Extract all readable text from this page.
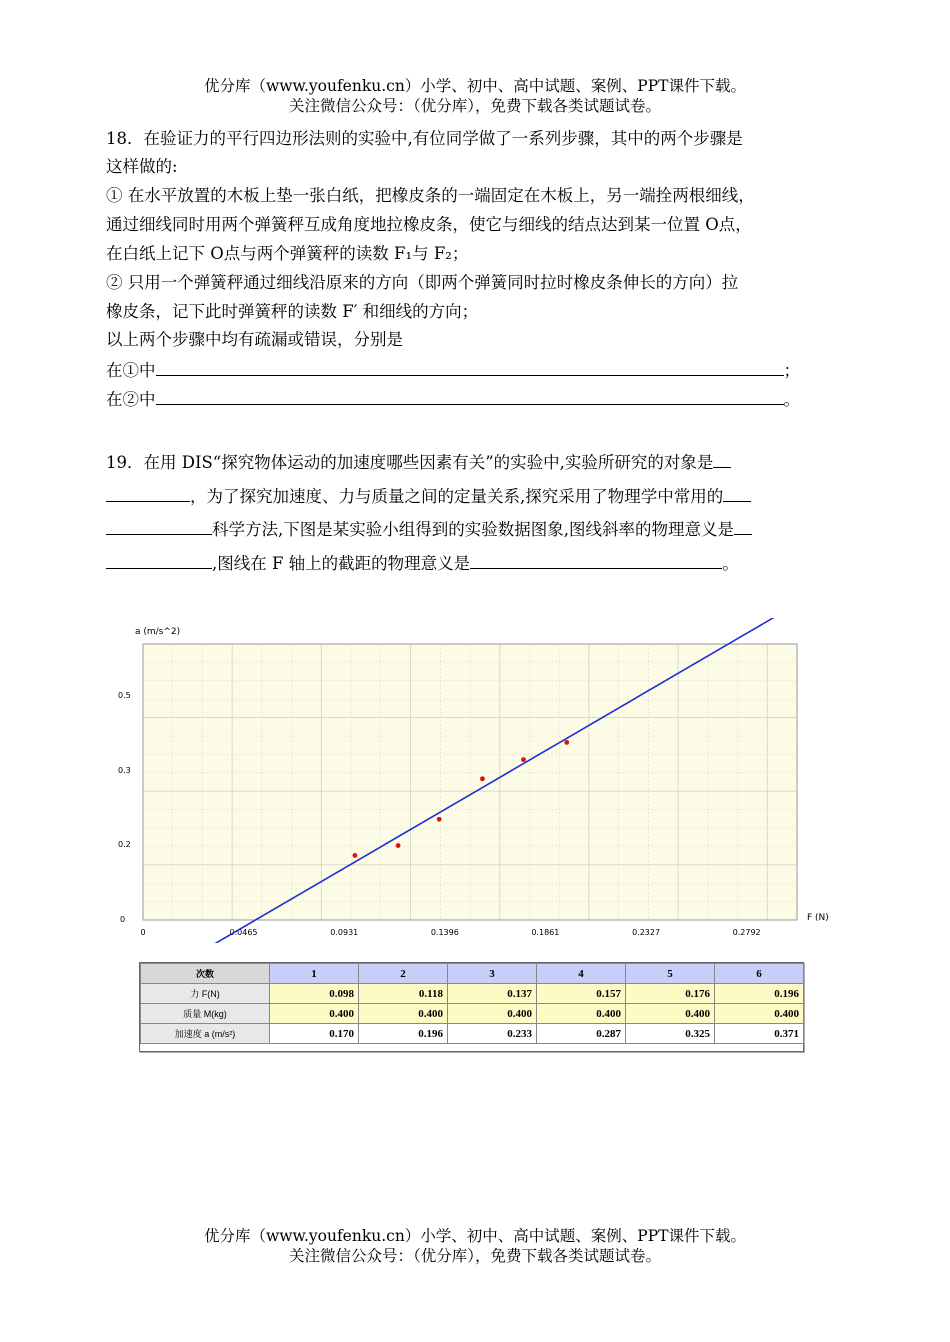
优分库（www.youfenku.cn）小学、初中、高中试题、案例、PPT课件下载。
关注微信公众号：（优分库），免费下载各类试题试卷。
18．在验证力的平行四边形法则的实验中,有位同学做了一系列步骤，其中的两个步骤是
这样做的:
① 在水平放置的木板上垫一张白纸，把橡皮条的一端固定在木板上，另一端拴两根细线，
通过细线同时用两个弹簧秤互成角度地拉橡皮条，使它与细线的结点达到某一位置 O点，
在白纸上记下 O点与两个弹簧秤的读数 F₁与 F₂；
② 只用一个弹簧秤通过细线沿原来的方向（即两个弹簧同时拉时橡皮条伸长的方向）拉
橡皮条，记下此时弹簧秤的读数 F′ 和细线的方向；
以上两个步骤中均有疏漏或错误，分别是
在①中	；
在②中	。
19．在用 DIS“探究物体运动的加速度哪些因素有关”的实验中,实验所研究的对象是
，为了探究加速度、力与质量之间的定量关系,探究采用了物理学中常用的
科学方法,下图是某实验小组得到的实验数据图象,图线斜率的物理意义是
,图线在 F 轴上的截距的物理意义是	。
a (m/s^2)
F (N)
0	0.0465	0.0931	0.1396	0.1861	0.2327	0.2792
0
0.2
0.3
0.5
次数	1	2	3	4	5	6
力 F(N)	0.098	0.118	0.137	0.157	0.176	0.196
质量 M(kg)	0.400	0.400	0.400	0.400	0.400	0.400
加速度 a (m/s²)	0.170	0.196	0.233	0.287	0.325	0.371
优分库（www.youfenku.cn）小学、初中、高中试题、案例、PPT课件下载。
关注微信公众号：（优分库），免费下载各类试题试卷。
